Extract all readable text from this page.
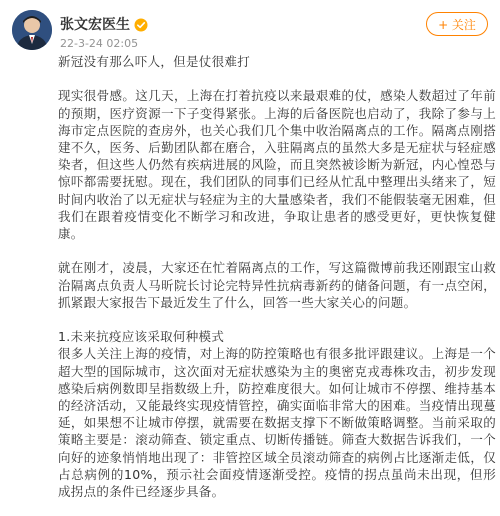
张文宏医生
22-3-24 02:05
+ 关注

新冠没有那么吓人，但是仗很难打

现实很骨感。这几天，上海在打着抗疫以来最艰难的仗，感染人数超过了年前的预期，医疗资源一下子变得紧张。上海的后备医院也启动了，我除了参与上海市定点医院的查房外，也关心我们几个集中收治隔离点的工作。隔离点刚搭建不久，医务、后勤团队都在磨合，入驻隔离点的虽然大多是无症状与轻症感染者，但这些人仍然有疾病进展的风险，而且突然被诊断为新冠，内心惶恐与惊吓都需要抚慰。现在，我们团队的同事们已经从忙乱中整理出头绪来了，短时间内收治了以无症状与轻症为主的大量感染者，我们不能假装毫无困难，但我们在跟着疫情变化不断学习和改进，争取让患者的感受更好，更快恢复健康。

就在刚才，凌晨，大家还在忙着隔离点的工作，写这篇微博前我还刚跟宝山救治隔离点负责人马昕院长讨论完特异性抗病毒新药的储备问题，有一点空闲，抓紧跟大家报告下最近发生了什么，回答一些大家关心的问题。

1.未来抗疫应该采取何种模式

很多人关注上海的疫情，对上海的防控策略也有很多批评跟建议。上海是一个超大型的国际城市，这次面对无症状感染为主的奥密克戎毒株攻击，初步发现感染后病例数即呈指数级上升，防控难度很大。如何让城市不停摆、维持基本的经济活动，又能最终实现疫情管控，确实面临非常大的困难。当疫情出现蔓延，如果想不让城市停摆，就需要在数据支撑下不断做策略调整。当前采取的策略主要是：滚动筛查、锁定重点、切断传播链。筛查大数据告诉我们，一个向好的迹象悄悄地出现了：非管控区域全员滚动筛查的病例占比逐渐走低，仅占总病例的10%，预示社会面疫情逐渐受控。疫情的拐点虽尚未出现，但形成拐点的条件已经逐步具备。
